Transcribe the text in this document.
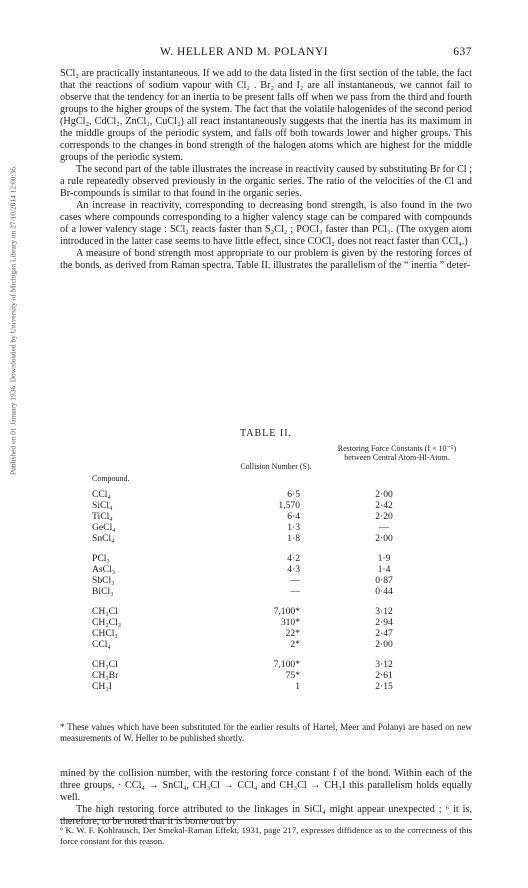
Published on 01 January 1936. Downloaded by University of Michigan Library on 27/10/2014 12:00:36.
W. HELLER AND M. POLANYI	637

SCl₂ are practically instantaneous. If we add to the data listed in the first section of the table, the fact that the reactions of sodium vapour with Cl₂ . Br₂ and I₂ are all instantaneous, we cannot fail to observe that the tendency for an inertia to be present falls off when we pass from the third and fourth groups to the higher groups of the system. The fact that the volatile halogenides of the second period (HgCl₂, CdCl₂, ZnCl₂, CuCl₂) all react instantaneously suggests that the inertia has its maximum in the middle groups of the periodic system, and falls off both towards lower and higher groups. This corresponds to the changes in bond strength of the halogen atoms which are highest for the middle groups of the periodic system.

The second part of the table illustrates the increase in reactivity caused by substituting Br for Cl ; a rule repeatedly observed previously in the organic series. The ratio of the velocities of the Cl and Br-compounds is similar to that found in the organic series.

An increase in reactivity, corresponding to decreasing bond strength, is also found in the two cases where compounds corresponding to a higher valency stage can be compared with compounds of a lower valency stage : SCl₂ reacts faster than S₂Cl₂ ; POCl₃ faster than PCl₃. (The oxygen atom introduced in the latter case seems to have little effect, since COCl₂ does not react faster than CCl₄.)

A measure of bond strength most appropriate to our problem is given by the restoring forces of the bonds, as derived from Raman spectra. Table II. illustrates the parallelism of the “ inertia ” deter-

TABLE II.
Compound.
Collision Number (S).
Restoring Force Constants (f × 10⁻⁵) between Central Atom-Hl-Atom.
CCl₄	6·5	2·00
SiCl₄	1,570	2·42
TiCl₄	6·4	2·20
GeCl₄	1·3	—
SnCl₄	1·8	2·00
PCl₃	4·2	1·9
AsCl₃	4·3	1·4
SbCl₃	—	0·87
BiCl₃	—	0·44
CH₃Cl	7,100*	3·12
CH₂Cl₂	310*	2·94
CHCl₃	22*	2·47
CCl₄	2*	2·00
CH₃Cl	7,100*	3·12
CH₃Br	75*	2·61
CH₃I	1	2·15
* These values which have been substituted for the earlier results of Hartel, Meer and Polanyi are based on new measurements of W. Heller to be published shortly.

mined by the collision number, with the restoring force constant f of the bond. Within each of the three groups, · CCl₄ → SnCl₄, CH₃Cl → CCl₄ and CH₃Cl → CH₃I this parallelism holds equally well.

The high restoring force attributed to the linkages in SiCl₄ might appear unexpected ; ⁶ it is, therefore, to be noted that it is borne out by

⁶ K. W. F. Kohlrausch, Der Smekal-Raman Effekt, 1931, page 217, expresses diffidence as to the correctness of this force constant for this reason.
